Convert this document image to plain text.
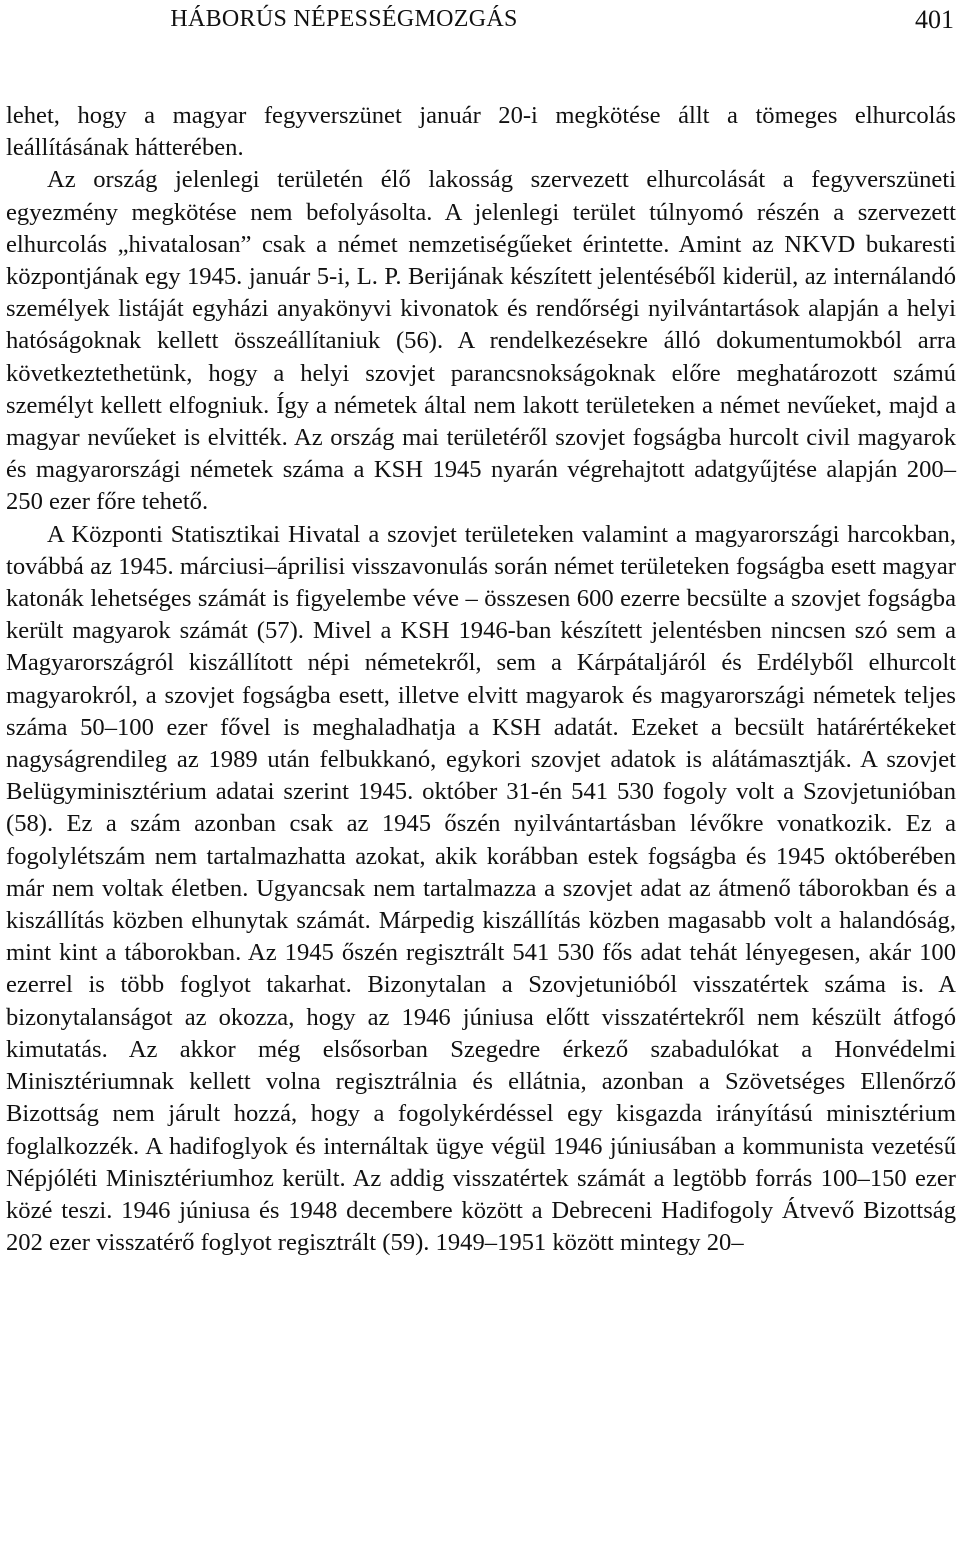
HÁBORÚS NÉPESSÉGMOZGÁS	401

lehet, hogy a magyar fegyverszünet január 20-i megkötése állt a tömeges elhurcolás leállításának hátterében.

Az ország jelenlegi területén élő lakosság szervezett elhurcolását a fegyverszüneti egyezmény megkötése nem befolyásolta. A jelenlegi terület túlnyomó részén a szervezett elhurcolás „hivatalosan” csak a német nemzetiségűeket érintette. Amint az NKVD bukaresti központjának egy 1945. január 5-i, L. P. Berijának készített jelentéséből kiderül, az internálandó személyek listáját egyházi anyakönyvi kivonatok és rendőrségi nyilvántartások alapján a helyi hatóságoknak kellett összeállítaniuk (56). A rendelkezésekre álló dokumentumokból arra következtethetünk, hogy a helyi szovjet parancsnokságoknak előre meghatározott számú személyt kellett elfogniuk. Így a németek által nem lakott területeken a német nevűeket, majd a magyar nevűeket is elvitték. Az ország mai területéről szovjet fogságba hurcolt civil magyarok és magyarországi németek száma a KSH 1945 nyarán végrehajtott adatgyűjtése alapján 200–250 ezer főre tehető.

A Központi Statisztikai Hivatal a szovjet területeken valamint a magyarországi harcokban, továbbá az 1945. márciusi–áprilisi visszavonulás során német területeken fogságba esett magyar katonák lehetséges számát is figyelembe véve – összesen 600 ezerre becsülte a szovjet fogságba került magyarok számát (57). Mivel a KSH 1946-ban készített jelentésben nincsen szó sem a Magyarországról kiszállított népi németekről, sem a Kárpátaljáról és Erdélyből elhurcolt magyarokról, a szovjet fogságba esett, illetve elvitt magyarok és magyarországi németek teljes száma 50–100 ezer fővel is meghaladhatja a KSH adatát. Ezeket a becsült határértékeket nagyságrendileg az 1989 után felbukkanó, egykori szovjet adatok is alátámasztják. A szovjet Belügyminisztérium adatai szerint 1945. október 31-én 541 530 fogoly volt a Szovjetunióban (58). Ez a szám azonban csak az 1945 őszén nyilvántartásban lévőkre vonatkozik. Ez a fogolylétszám nem tartalmazhatta azokat, akik korábban estek fogságba és 1945 októberében már nem voltak életben. Ugyancsak nem tartalmazza a szovjet adat az átmenő táborokban és a kiszállítás közben elhunytak számát. Márpedig kiszállítás közben magasabb volt a halandóság, mint kint a táborokban. Az 1945 őszén regisztrált 541 530 fős adat tehát lényegesen, akár 100 ezerrel is több foglyot takarhat. Bizonytalan a Szovjetunióból visszatértek száma is. A bizonytalanságot az okozza, hogy az 1946 júniusa előtt visszatértekről nem készült átfogó kimutatás. Az akkor még elsősorban Szegedre érkező szabadulókat a Honvédelmi Minisztériumnak kellett volna regisztrálnia és ellátnia, azonban a Szövetséges Ellenőrző Bizottság nem járult hozzá, hogy a fogolykérdéssel egy kisgazda irányítású minisztérium foglalkozzék. A hadifoglyok és internáltak ügye végül 1946 júniusában a kommunista vezetésű Népjóléti Minisztériumhoz került. Az addig visszatértek számát a legtöbb forrás 100–150 ezer közé teszi. 1946 júniusa és 1948 decembere között a Debreceni Hadifogoly Átvevő Bizottság 202 ezer visszatérő foglyot regisztrált (59). 1949–1951 között mintegy 20–
